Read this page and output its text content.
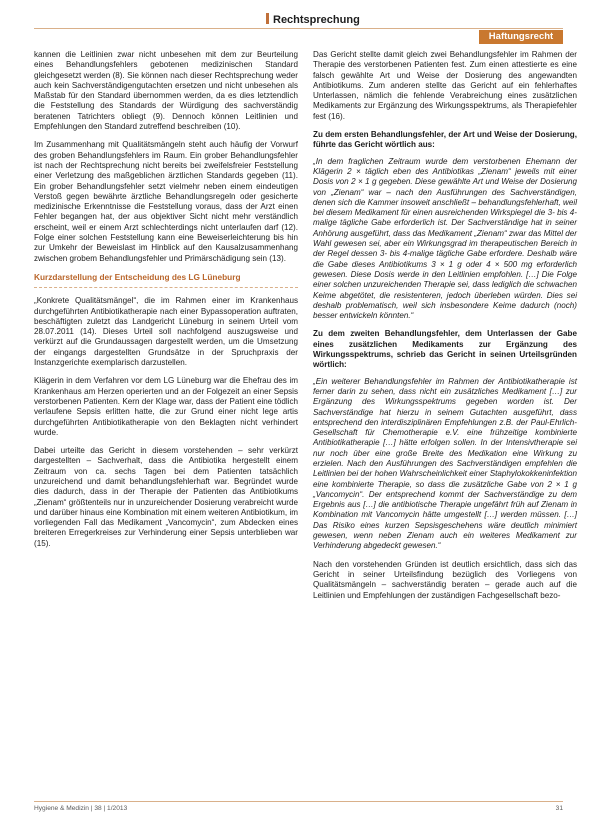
Rechtsprechung
Haftungsrecht

kannen die Leitlinien zwar nicht unbesehen mit dem zur Beurteilung eines Behandlungsfehlers gebotenen medizinischen Standard gleichgesetzt werden (8). Sie können nach dieser Rechtsprechung weder auch kein Sachverständigengutachten ersetzen und nicht unbesehen als Maßstab für den Standard übernommen werden, da es dies letztendlich die Feststellung des Standards der Würdigung des sachverständig beratenen Tatrichters obliegt (9). Dennoch können Leitlinien und Empfehlungen den Standard zutreffend beschreiben (10).

Im Zusammenhang mit Qualitätsmängeln steht auch häufig der Vorwurf des groben Behandlungsfehlers im Raum. Ein grober Behandlungsfehler ist nach der Rechtsprechung nicht bereits bei zweifelsfreier Feststellung einer Verletzung des maßgeblichen ärztlichen Standards gegeben (11). Ein grober Behandlungsfehler setzt vielmehr neben einem eindeutigen Verstoß gegen bewährte ärztliche Behandlungsregeln oder gesicherte medizinische Erkenntnisse die Feststellung voraus, dass der Arzt einen Fehler begangen hat, der aus objektiver Sicht nicht mehr verständlich erscheint, weil er einem Arzt schlechterdings nicht unterlaufen darf (12). Folge einer solchen Feststellung kann eine Beweiserleichterung bis hin zur Umkehr der Beweislast im Hinblick auf den Kausalzusammenhang zwischen grobem Behandlungsfehler und Primärschädigung sein (13).

Kurzdarstellung der Entscheidung des LG Lüneburg

„Konkrete Qualitätsmängel“, die im Rahmen einer im Krankenhaus durchgeführten Antibiotikatherapie nach einer Bypassoperation auftraten, beschäftigten zuletzt das Landgericht Lüneburg in seinem Urteil vom 28.07.2011 (14). Dieses Urteil soll nachfolgend auszugsweise und verkürzt auf die Grundaussagen dargestellt werden, um die Umsetzung der eingangs dargestellten Grundsätze in der Spruchpraxis der Instanzgerichte exemplarisch darzustellen.

Klägerin in dem Verfahren vor dem LG Lüneburg war die Ehefrau des im Krankenhaus am Herzen operierten und an der Folgezeit an einer Sepsis verstorbenen Patienten. Kern der Klage war, dass der Patient eine tödlich verlaufene Sepsis erlitten hatte, die zur Grund einer nicht lege artis durchgeführten Antibiotikatherapie von den Beklagten nicht verhindert wurde.

Dabei urteilte das Gericht in diesem vorstehenden – sehr verkürzt dargestellten – Sachverhalt, dass die Antibiotika hergestellt einem Zeitraum von ca. sechs Tagen bei dem Patienten tatsächlich unzureichend und damit behandlungsfehlerhaft war. Begründet wurde dies dadurch, dass in der Therapie der Patienten das Antibiotikums „Zienam“ größtenteils nur in unzureichender Dosierung verabreicht wurde und darüber hinaus eine Kombination mit einem weiteren Antibiotikum, im vorliegenden Fall das Medikament „Vancomycin“, zum Abdecken eines breiteren Erregerkreises zur Verhinderung einer Sepsis unterblieben war (15).

Das Gericht stellte damit gleich zwei Behandlungsfehler im Rahmen der Therapie des verstorbenen Patienten fest. Zum einen attestierte es eine falsch gewählte Art und Weise der Dosierung des angewandten Antibiotikums. Zum anderen stellte das Gericht auf ein fehlerhaftes Unterlassen, nämlich die fehlende Verabreichung eines zusätzlichen Medikaments zur Ergänzung des Wirkungsspektrums, als Therapiefehler fest (16).

Zu dem ersten Behandlungsfehler, der Art und Weise der Dosierung, führte das Gericht wörtlich aus:

„In dem fraglichen Zeitraum wurde dem verstorbenen Ehemann der Klägerin 2 × täglich eben des Antibiotikas „Zienam“ jeweils mit einer Dosis von 2 × 1 g gegeben. Diese gewählte Art und Weise der Dosierung von „Zienam“ war – nach den Ausführungen des Sachverständigen, denen sich die Kammer insoweit anschließt – behandlungsfehlerhaft, weil bei diesem Medikament für einen ausreichenden Wirkspiegel die 3- bis 4-malige tägliche Gabe erforderlich ist. Der Sachverständige hat in seiner Anhörung ausgeführt, dass das Medikament „Zienam“ zwar das Mittel der Wahl gewesen sei, aber ein Wirkungsgrad im therapeutischen Bereich in der Regel dessen 3- bis 4-malige tägliche Gabe erfordere. Deshalb wäre die Gabe dieses Antibiotikums 3 × 1 g oder 4 × 500 mg erforderlich gewesen. Diese Dosis werde in den Leitlinien empfohlen. […] Die Folge einer solchen unzureichenden Therapie sei, dass lediglich die schwachen Keime abgetötet, die resistenteren, jedoch überleben würden. Dies sei deshalb problematisch, weil sich insbesondere Keime dadurch (noch) besser entwickeln könnten.“

Zu dem zweiten Behandlungsfehler, dem Unterlassen der Gabe eines zusätzlichen Medikaments zur Ergänzung des Wirkungsspektrums, schrieb das Gericht in seinen Urteilsgründen wörtlich:

„Ein weiterer Behandlungsfehler im Rahmen der Antibiotikatherapie ist ferner darin zu sehen, dass nicht ein zusätzliches Medikament […] zur Ergänzung des Wirkungsspektrums gegeben worden ist. Der Sachverständige hat hierzu in seinem Gutachten ausgeführt, dass entsprechend den interdisziplinären Empfehlungen z.B. der Paul-Ehrlich-Gesellschaft für Chemotherapie e.V. eine frühzeitige kombinierte Antibiotikatherapie […] hätte erfolgen sollen. In der Intensivtherapie sei nur noch über eine große Breite des Medikation eine Wirkung zu erzielen. Nach den Ausführungen des Sachverständigen empfehlen die Leitlinien bei der hohen Wahrscheinlichkeit einer Staphylokokkeninfektion eine kombinierte Therapie, so dass die zusätzliche Gabe von 2 × 1 g „Vancomycin“. Der entsprechend kommt der Sachverständige zu dem Ergebnis aus […] die antibiotische Therapie ungefährt früh auf Zienam in Kombination mit Vancomycin hätte umgestellt […] werden müssen. […] Das Risiko eines kurzen Sepsisgeschehens wäre deutlich minimiert gewesen, wenn neben Zienam auch ein weiteres Medikament zur Verhinderung abgedeckt gewesen.“

Nach den vorstehenden Gründen ist deutlich ersichtlich, dass sich das Gericht in seiner Urteilsfindung bezüglich des Vorliegens von Qualitätsmängeln – sachverständig beraten – gerade auch auf die Leitlinien und Empfehlungen der zuständigen Fachgesellschaft bezo-

Hygiene & Medizin | 38 | 1/2013	31
